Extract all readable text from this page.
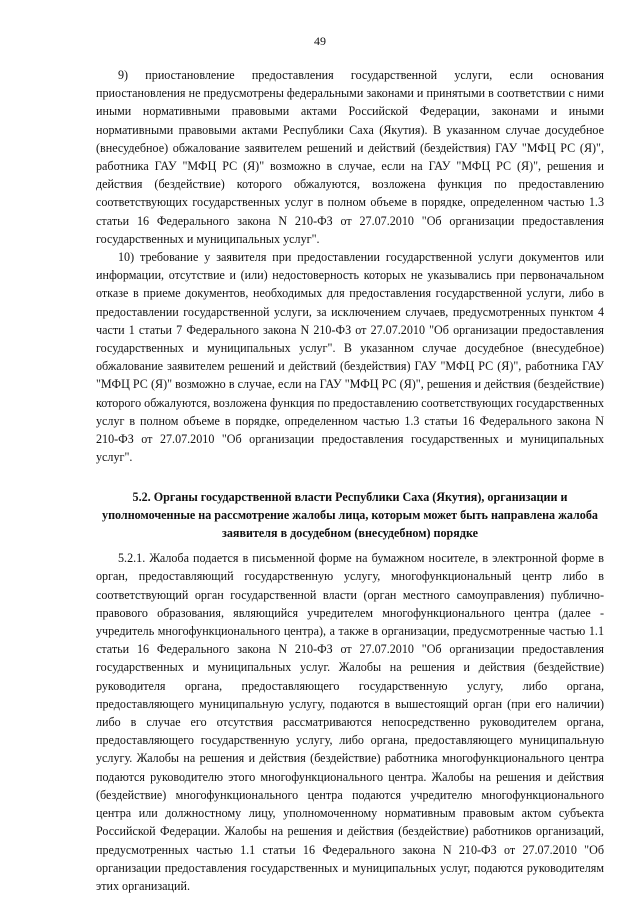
49

9) приостановление предоставления государственной услуги, если основания приостановления не предусмотрены федеральными законами и принятыми в соответствии с ними иными нормативными правовыми актами Российской Федерации, законами и иными нормативными правовыми актами Республики Саха (Якутия). В указанном случае досудебное (внесудебное) обжалование заявителем решений и действий (бездействия) ГАУ "МФЦ РС (Я)", работника ГАУ "МФЦ РС (Я)" возможно в случае, если на ГАУ "МФЦ РС (Я)", решения и действия (бездействие) которого обжалуются, возложена функция по предоставлению соответствующих государственных услуг в полном объеме в порядке, определенном частью 1.3 статьи 16 Федерального закона N 210-ФЗ от 27.07.2010 "Об организации предоставления государственных и муниципальных услуг".

10) требование у заявителя при предоставлении государственной услуги документов или информации, отсутствие и (или) недостоверность которых не указывались при первоначальном отказе в приеме документов, необходимых для предоставления государственной услуги, либо в предоставлении государственной услуги, за исключением случаев, предусмотренных пунктом 4 части 1 статьи 7 Федерального закона N 210-ФЗ от 27.07.2010 "Об организации предоставления государственных и муниципальных услуг". В указанном случае досудебное (внесудебное) обжалование заявителем решений и действий (бездействия) ГАУ "МФЦ РС (Я)", работника ГАУ "МФЦ РС (Я)" возможно в случае, если на ГАУ "МФЦ РС (Я)", решения и действия (бездействие) которого обжалуются, возложена функция по предоставлению соответствующих государственных услуг в полном объеме в порядке, определенном частью 1.3 статьи 16 Федерального закона N 210-ФЗ от 27.07.2010 "Об организации предоставления государственных и муниципальных услуг".

5.2. Органы государственной власти Республики Саха (Якутия), организации и уполномоченные на рассмотрение жалобы лица, которым может быть направлена жалоба заявителя в досудебном (внесудебном) порядке

5.2.1. Жалоба подается в письменной форме на бумажном носителе, в электронной форме в орган, предоставляющий государственную услугу, многофункциональный центр либо в соответствующий орган государственной власти (орган местного самоуправления) публично-правового образования, являющийся учредителем многофункционального центра (далее - учредитель многофункционального центра), а также в организации, предусмотренные частью 1.1 статьи 16 Федерального закона N 210-ФЗ от 27.07.2010 "Об организации предоставления государственных и муниципальных услуг. Жалобы на решения и действия (бездействие) руководителя органа, предоставляющего государственную услугу, либо органа, предоставляющего муниципальную услугу, подаются в вышестоящий орган (при его наличии) либо в случае его отсутствия рассматриваются непосредственно руководителем органа, предоставляющего государственную услугу, либо органа, предоставляющего муниципальную услугу. Жалобы на решения и действия (бездействие) работника многофункционального центра подаются руководителю этого многофункционального центра. Жалобы на решения и действия (бездействие) многофункционального центра подаются учредителю многофункционального центра или должностному лицу, уполномоченному нормативным правовым актом субъекта Российской Федерации. Жалобы на решения и действия (бездействие) работников организаций, предусмотренных частью 1.1 статьи 16 Федерального закона N 210-ФЗ от 27.07.2010 "Об организации предоставления государственных и муниципальных услуг, подаются руководителям этих организаций.
